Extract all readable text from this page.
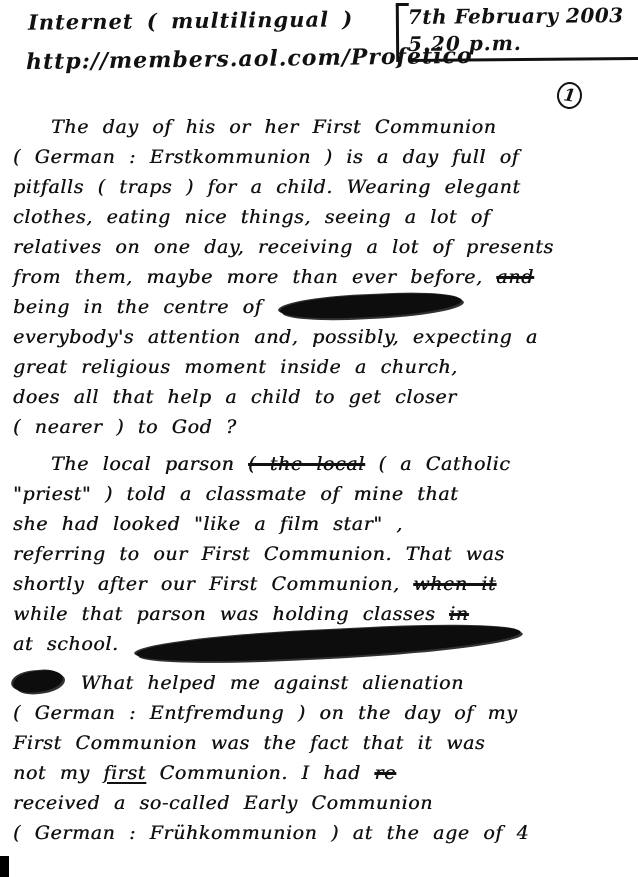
Internet ( multilingual )
http://members.aol.com/Profetico
7th February 2003
5.20 p.m.
1
The day of his or her First Communion
( German : Erstkommunion ) is a day full of
pitfalls ( traps ) for a child. Wearing elegant
clothes, eating nice things, seeing a lot of
relatives on one day, receiving a lot of presents
from them, maybe more than ever before, and
being in the centre of
everybody's attention and, possibly, expecting a
great religious moment inside a church,
does all that help a child to get closer
( nearer ) to God ?
The local parson ( the local ( a Catholic
"priest" ) told a classmate of mine that
she had looked "like a film star" ,
referring to our First Communion. That was
shortly after our First Communion, when it
while that parson was holding classes in
at school.
What helped me against alienation
( German : Entfremdung ) on the day of my
First Communion was the fact that it was
not my first Communion. I had re
received a so-called Early Communion
( German : Frühkommunion ) at the age of 4
